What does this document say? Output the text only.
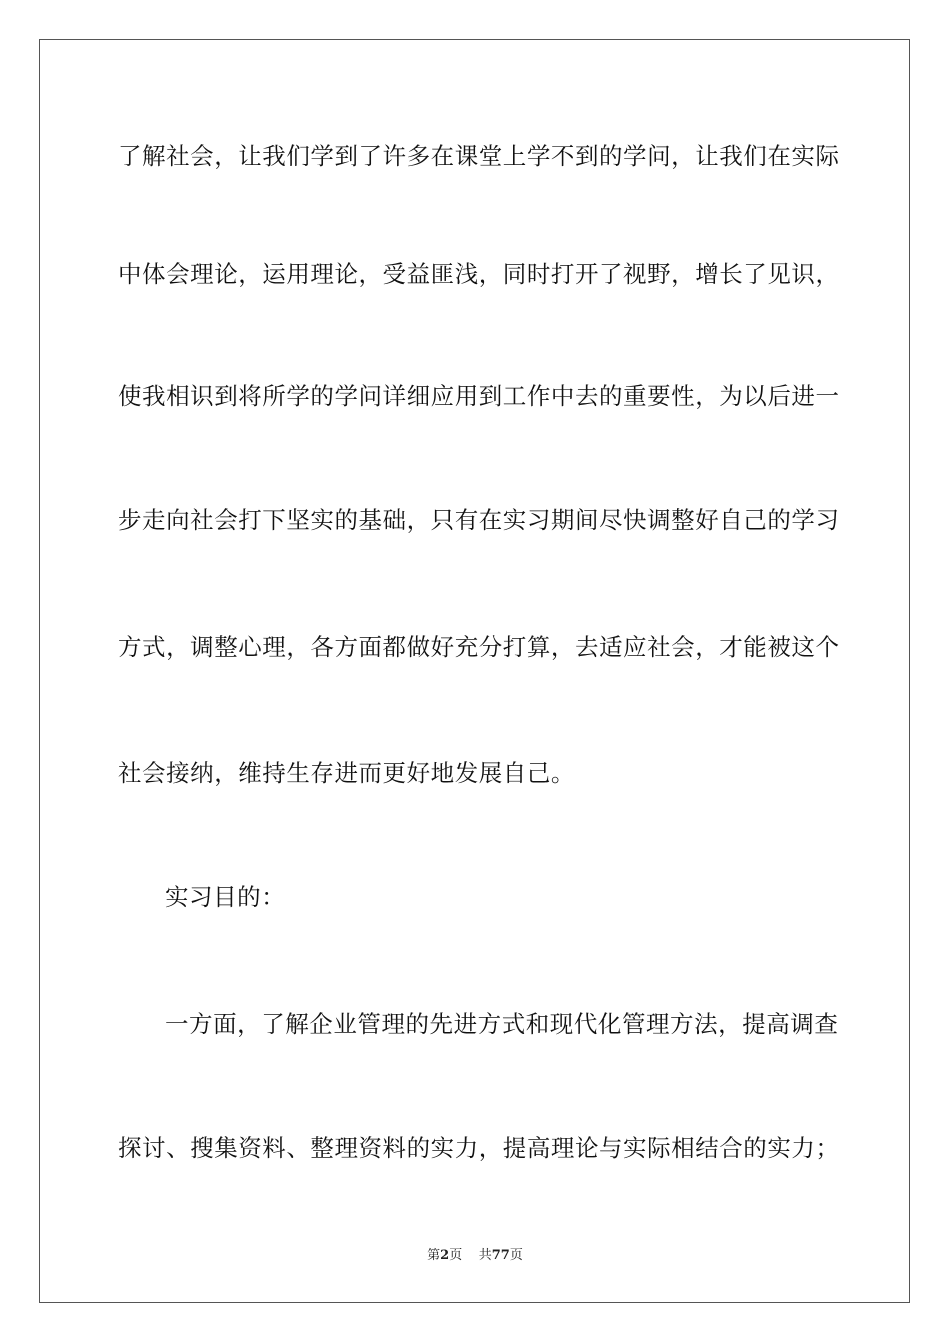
了解社会，让我们学到了许多在课堂上学不到的学问，让我们在实际
中体会理论，运用理论，受益匪浅，同时打开了视野，增长了见识，
使我相识到将所学的学问详细应用到工作中去的重要性，为以后进一
步走向社会打下坚实的基础，只有在实习期间尽快调整好自己的学习
方式，调整心理，各方面都做好充分打算，去适应社会，才能被这个
社会接纳，维持生存进而更好地发展自己。
实习目的：
一方面，了解企业管理的先进方式和现代化管理方法，提高调查
探讨、搜集资料、整理资料的实力，提高理论与实际相结合的实力；
第2页 共77页
